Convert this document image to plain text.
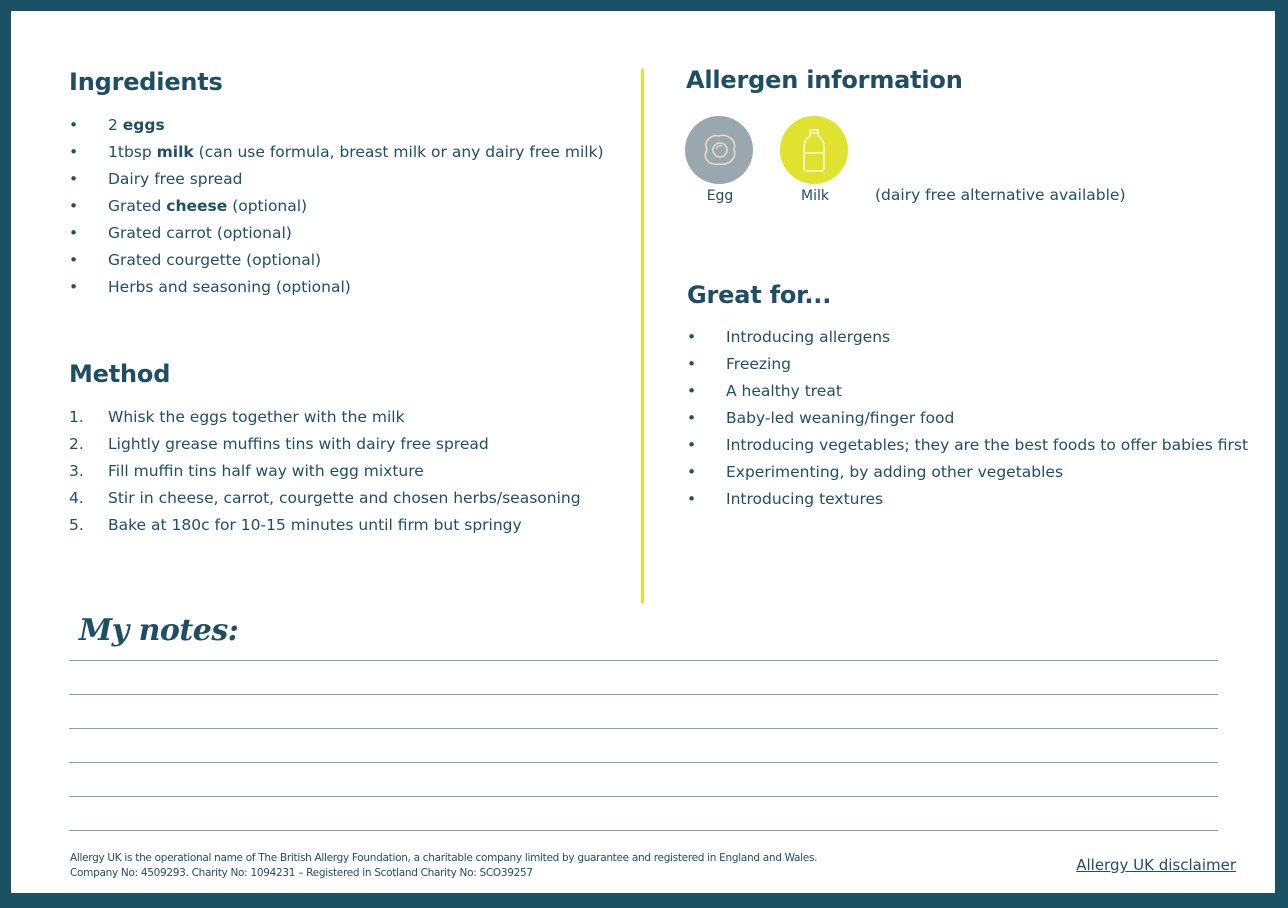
Ingredients
•	2 eggs
•	1tbsp milk (can use formula, breast milk or any dairy free milk)
•	Dairy free spread
•	Grated cheese (optional)
•	Grated carrot (optional)
•	Grated courgette (optional)
•	Herbs and seasoning (optional)
Method
1.	Whisk the eggs together with the milk
2.	Lightly grease muffins tins with dairy free spread
3.	Fill muffin tins half way with egg mixture
4.	Stir in cheese, carrot, courgette and chosen herbs/seasoning
5.	Bake at 180c for 10-15 minutes until firm but springy
Allergen information
Egg	Milk	(dairy free alternative available)
Great for...
•	Introducing allergens
•	Freezing
•	A healthy treat
•	Baby-led weaning/finger food
•	Introducing vegetables; they are the best foods to offer babies first
•	Experimenting, by adding other vegetables
•	Introducing textures
My notes:
Allergy UK is the operational name of The British Allergy Foundation, a charitable company limited by guarantee and registered in England and Wales.
Company No: 4509293. Charity No: 1094231 – Registered in Scotland Charity No: SCO39257	Allergy UK disclaimer
